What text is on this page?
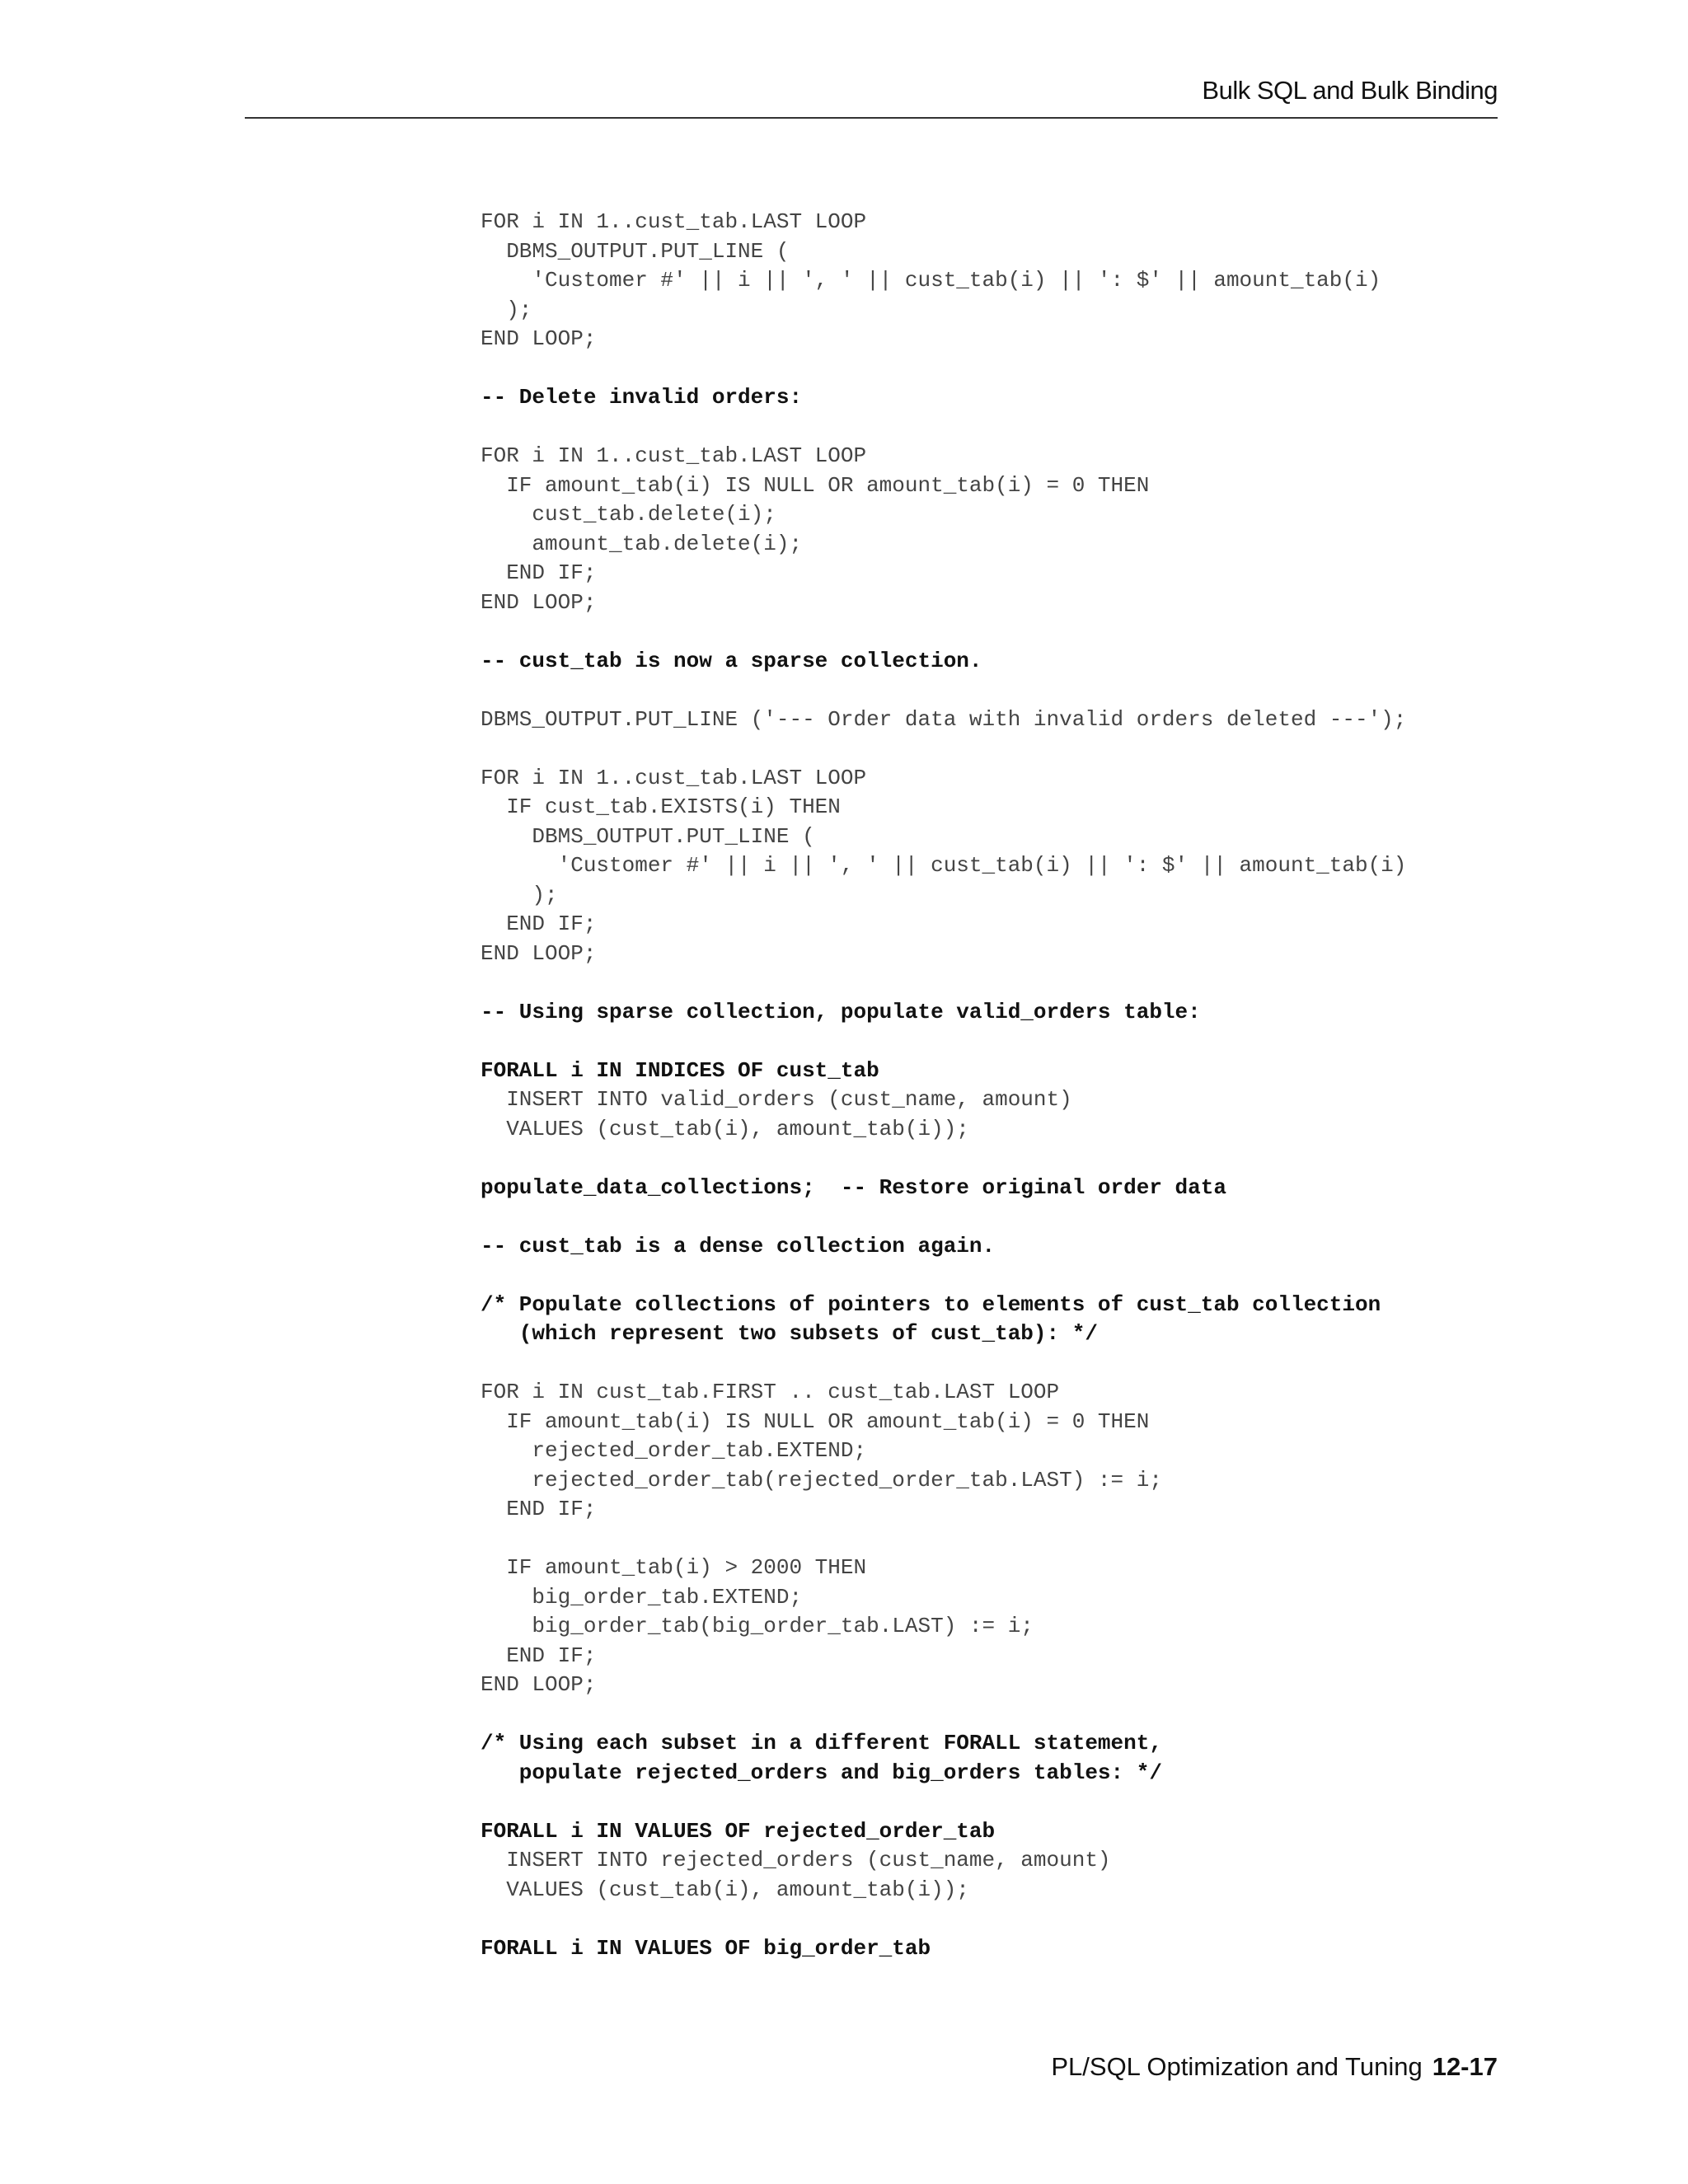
Bulk SQL and Bulk Binding
FOR i IN 1..cust_tab.LAST LOOP
DBMS_OUTPUT.PUT_LINE (
'Customer #' || i || ', ' || cust_tab(i) || ': $' || amount_tab(i)
);
END LOOP;
-- Delete invalid orders:
FOR i IN 1..cust_tab.LAST LOOP
IF amount_tab(i) IS NULL OR amount_tab(i) = 0 THEN
cust_tab.delete(i);
amount_tab.delete(i);
END IF;
END LOOP;
-- cust_tab is now a sparse collection.
DBMS_OUTPUT.PUT_LINE ('--- Order data with invalid orders deleted ---');
FOR i IN 1..cust_tab.LAST LOOP
IF cust_tab.EXISTS(i) THEN
DBMS_OUTPUT.PUT_LINE (
'Customer #' || i || ', ' || cust_tab(i) || ': $' || amount_tab(i)
);
END IF;
END LOOP;
-- Using sparse collection, populate valid_orders table:
FORALL i IN INDICES OF cust_tab
INSERT INTO valid_orders (cust_name, amount)
VALUES (cust_tab(i), amount_tab(i));
populate_data_collections;  -- Restore original order data
-- cust_tab is a dense collection again.
/* Populate collections of pointers to elements of cust_tab collection
(which represent two subsets of cust_tab): */
FOR i IN cust_tab.FIRST .. cust_tab.LAST LOOP
IF amount_tab(i) IS NULL OR amount_tab(i) = 0 THEN
rejected_order_tab.EXTEND;
rejected_order_tab(rejected_order_tab.LAST) := i;
END IF;
IF amount_tab(i) > 2000 THEN
big_order_tab.EXTEND;
big_order_tab(big_order_tab.LAST) := i;
END IF;
END LOOP;
/* Using each subset in a different FORALL statement,
populate rejected_orders and big_orders tables: */
FORALL i IN VALUES OF rejected_order_tab
INSERT INTO rejected_orders (cust_name, amount)
VALUES (cust_tab(i), amount_tab(i));
FORALL i IN VALUES OF big_order_tab
PL/SQL Optimization and Tuning 12-17
